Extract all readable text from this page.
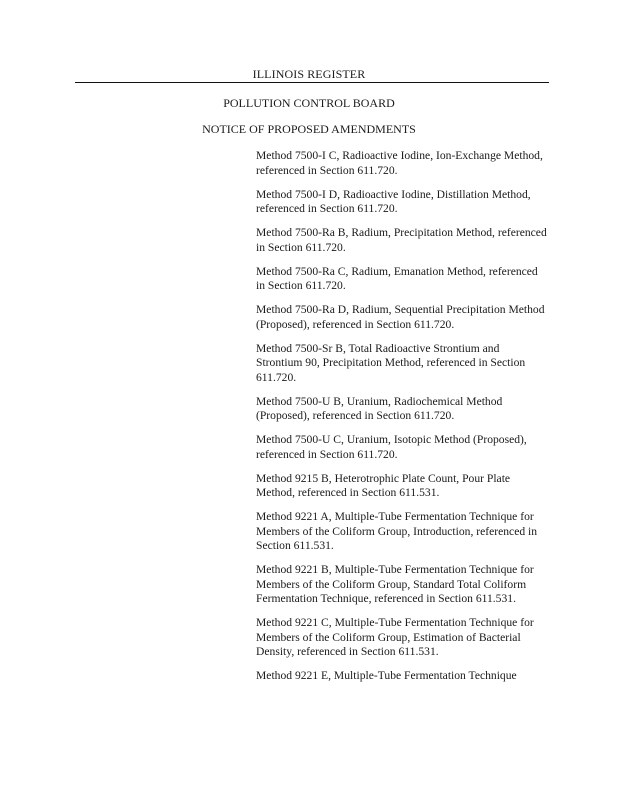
ILLINOIS REGISTER
POLLUTION CONTROL BOARD
NOTICE OF PROPOSED AMENDMENTS
Method 7500-I C, Radioactive Iodine, Ion-Exchange Method, referenced in Section 611.720.
Method 7500-I D, Radioactive Iodine, Distillation Method, referenced in Section 611.720.
Method 7500-Ra B, Radium, Precipitation Method, referenced in Section 611.720.
Method 7500-Ra C, Radium, Emanation Method, referenced in Section 611.720.
Method 7500-Ra D, Radium, Sequential Precipitation Method (Proposed), referenced in Section 611.720.
Method 7500-Sr B, Total Radioactive Strontium and Strontium 90, Precipitation Method, referenced in Section 611.720.
Method 7500-U B, Uranium, Radiochemical Method (Proposed), referenced in Section 611.720.
Method 7500-U C, Uranium, Isotopic Method (Proposed), referenced in Section 611.720.
Method 9215 B, Heterotrophic Plate Count, Pour Plate Method, referenced in Section 611.531.
Method 9221 A, Multiple-Tube Fermentation Technique for Members of the Coliform Group, Introduction, referenced in Section 611.531.
Method 9221 B, Multiple-Tube Fermentation Technique for Members of the Coliform Group, Standard Total Coliform Fermentation Technique, referenced in Section 611.531.
Method 9221 C, Multiple-Tube Fermentation Technique for Members of the Coliform Group, Estimation of Bacterial Density, referenced in Section 611.531.
Method 9221 E, Multiple-Tube Fermentation Technique
